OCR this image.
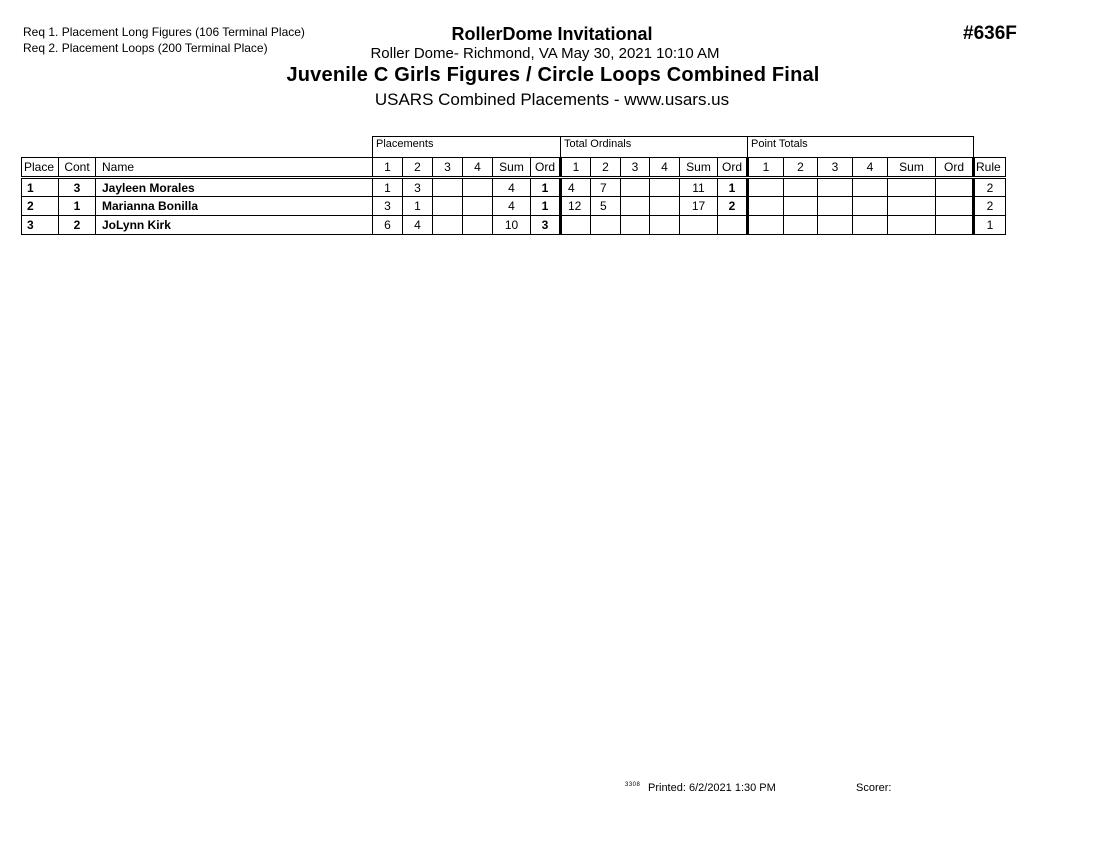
Req 1. Placement Long Figures (106 Terminal Place)
Req 2. Placement Loops (200 Terminal Place)
RollerDome Invitational
Roller Dome- Richmond, VA May 30, 2021 10:10 AM
Juvenile C Girls Figures / Circle Loops Combined Final
USARS Combined Placements - www.usars.us
#636F
Placements	Total Ordinals	Point Totals
Place	Cont	Name	1	2	3	4	Sum	Ord	1	2	3	4	Sum	Ord	1	2	3	4	Sum	Ord	Rule
1	3	Jayleen Morales	1	3			4	1	4	7			11	1							2
2	1	Marianna Bonilla	3	1			4	1	12	5			17	2							2
3	2	JoLynn Kirk	6	4			10	3													1
3308 Printed: 6/2/2021 1:30 PM	Scorer:
